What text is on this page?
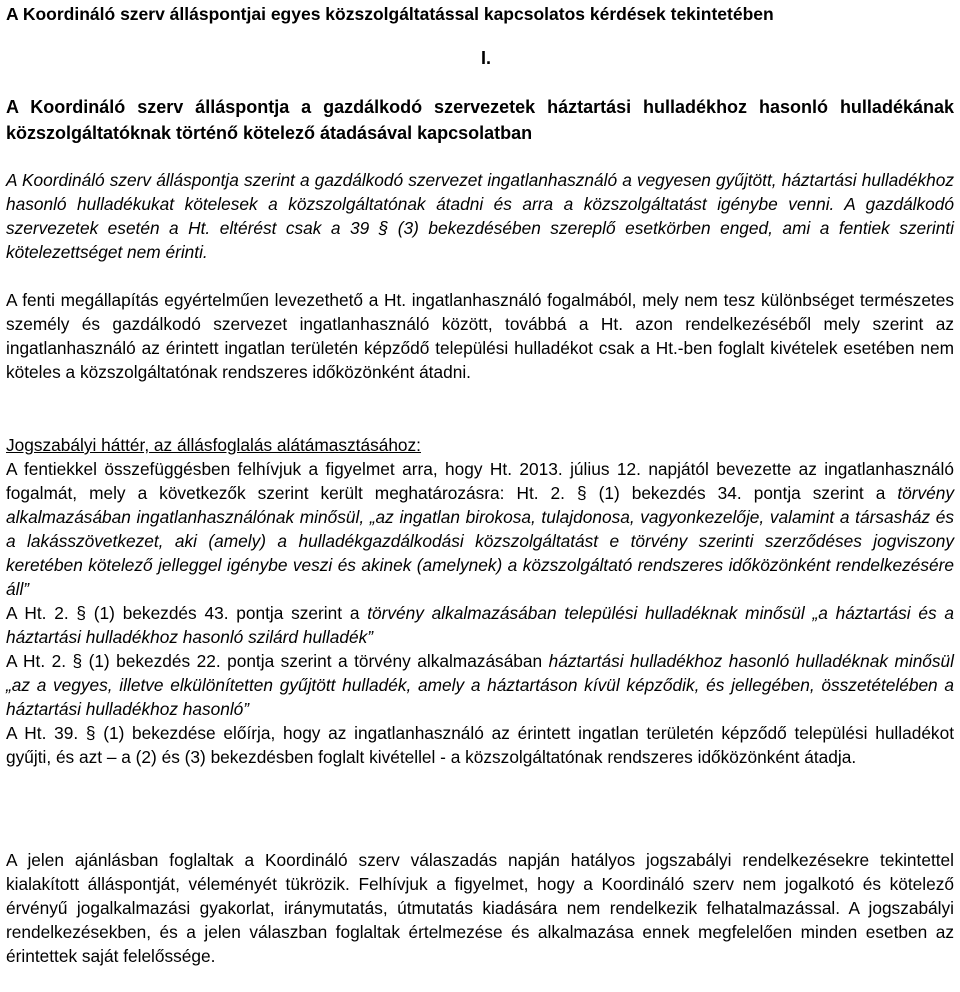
A Koordináló szerv álláspontjai egyes közszolgáltatással kapcsolatos kérdések tekintetében
I.
A Koordináló szerv álláspontja a gazdálkodó szervezetek háztartási hulladékhoz hasonló hulladékának közszolgáltatóknak történő kötelező átadásával kapcsolatban
A Koordináló szerv álláspontja szerint a gazdálkodó szervezet ingatlanhasználó a vegyesen gyűjtött, háztartási hulladékhoz hasonló hulladékukat kötelesek a közszolgáltatónak átadni és arra a közszolgáltatást igénybe venni. A gazdálkodó szervezetek esetén a Ht. eltérést csak a 39 § (3) bekezdésében szereplő esetkörben enged, ami a fentiek szerinti kötelezettséget nem érinti.
A fenti megállapítás egyértelműen levezethető a Ht. ingatlanhasználó fogalmából, mely nem tesz különbséget természetes személy és gazdálkodó szervezet ingatlanhasználó között, továbbá a Ht. azon rendelkezéséből mely szerint az ingatlanhasználó az érintett ingatlan területén képződő települési hulladékot csak a Ht.-ben foglalt kivételek esetében nem köteles a közszolgáltatónak rendszeres időközönként átadni.

Jogszabályi háttér, az állásfoglalás alátámasztásához:

A fentiekkel összefüggésben felhívjuk a figyelmet arra, hogy Ht. 2013. július 12. napjától bevezette az ingatlanhasználó fogalmát, mely a következők szerint került meghatározásra: Ht. 2. § (1) bekezdés 34. pontja szerint a törvény alkalmazásában ingatlanhasználónak minősül, „az ingatlan birokosa, tulajdonosa, vagyonkezelője, valamint a társasház és a lakásszövetkezet, aki (amely) a hulladékgazdálkodási közszolgáltatást e törvény szerinti szerződéses jogviszony keretében kötelező jelleggel igénybe veszi és akinek (amelynek) a közszolgáltató rendszeres időközönként rendelkezésére áll”

A Ht. 2. § (1) bekezdés 43. pontja szerint a törvény alkalmazásában települési hulladéknak minősül „a háztartási és a háztartási hulladékhoz hasonló szilárd hulladék”

A Ht. 2. § (1) bekezdés 22. pontja szerint a törvény alkalmazásában háztartási hulladékhoz hasonló hulladéknak minősül „az a vegyes, illetve elkülönítetten gyűjtött hulladék, amely a háztartáson kívül képződik, és jellegében, összetételében a háztartási hulladékhoz hasonló”

A Ht. 39. § (1) bekezdése előírja, hogy az ingatlanhasználó az érintett ingatlan területén képződő települési hulladékot gyűjti, és azt – a (2) és (3) bekezdésben foglalt kivétellel - a közszolgáltatónak rendszeres időközönként átadja.

A jelen ajánlásban foglaltak a Koordináló szerv válaszadás napján hatályos jogszabályi rendelkezésekre tekintettel kialakított álláspontját, véleményét tükrözik. Felhívjuk a figyelmet, hogy a Koordináló szerv nem jogalkotó és kötelező érvényű jogalkalmazási gyakorlat, iránymutatás, útmutatás kiadására nem rendelkezik felhatalmazással. A jogszabályi rendelkezésekben, és a jelen válaszban foglaltak értelmezése és alkalmazása ennek megfelelően minden esetben az érintettek saját felelőssége.
